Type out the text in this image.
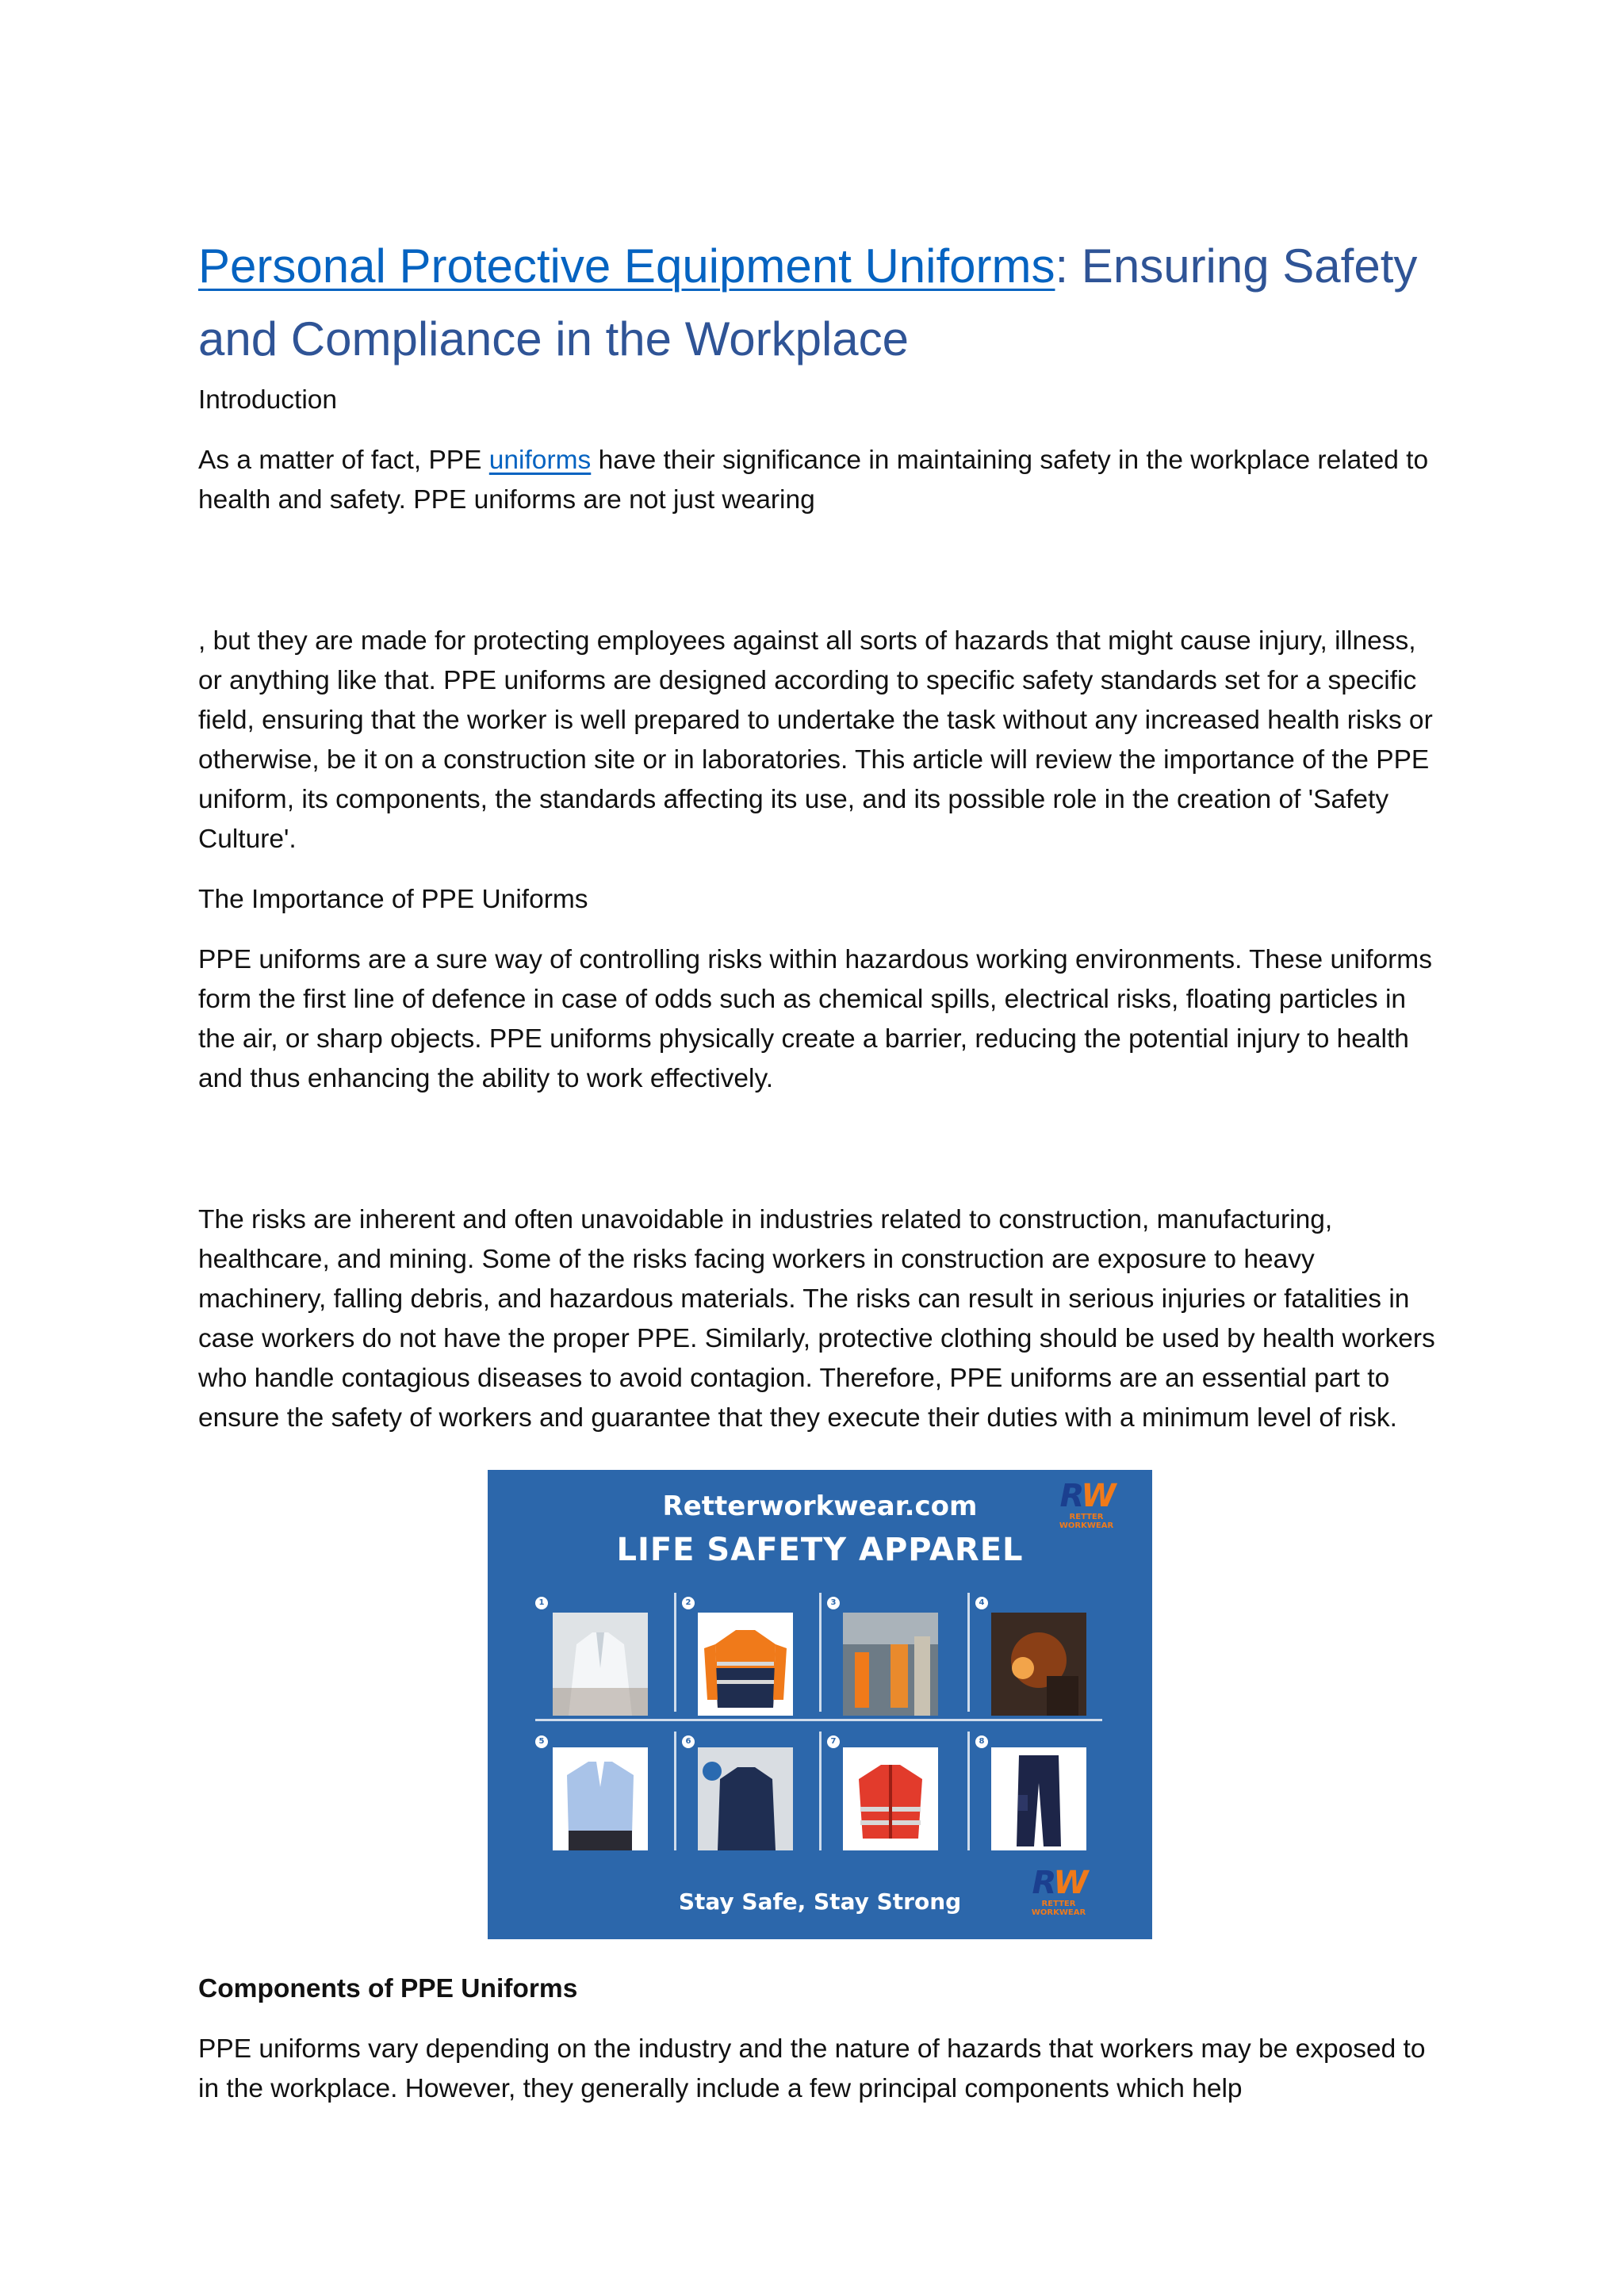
Personal Protective Equipment Uniforms: Ensuring Safety and Compliance in the Workplace

Introduction

As a matter of fact, PPE uniforms have their significance in maintaining safety in the workplace related to health and safety. PPE uniforms are not just wearing

, but they are made for protecting employees against all sorts of hazards that might cause injury, illness, or anything like that. PPE uniforms are designed according to specific safety standards set for a specific field, ensuring that the worker is well prepared to undertake the task without any increased health risks or otherwise, be it on a construction site or in laboratories. This article will review the importance of the PPE uniform, its components, the standards affecting its use, and its possible role in the creation of 'Safety Culture'.

The Importance of PPE Uniforms

PPE uniforms are a sure way of controlling risks within hazardous working environments. These uniforms form the first line of defence in case of odds such as chemical spills, electrical risks, floating particles in the air, or sharp objects. PPE uniforms physically create a barrier, reducing the potential injury to health and thus enhancing the ability to work effectively.

The risks are inherent and often unavoidable in industries related to construction, manufacturing, healthcare, and mining. Some of the risks facing workers in construction are exposure to heavy machinery, falling debris, and hazardous materials. The risks can result in serious injuries or fatalities in case workers do not have the proper PPE. Similarly, protective clothing should be used by health workers who handle contagious diseases to avoid contagion. Therefore, PPE uniforms are an essential part to ensure the safety of workers and guarantee that they execute their duties with a minimum level of risk.

Components of PPE Uniforms

PPE uniforms vary depending on the industry and the nature of hazards that workers may be exposed to in the workplace. However, they generally include a few principal components which help

Retterworkwear.com
LIFE SAFETY APPAREL
RW
RETTER WORKWEAR
1	2	3	4
5	6	7	8
Stay Safe, Stay Strong
RW
RETTER WORKWEAR
